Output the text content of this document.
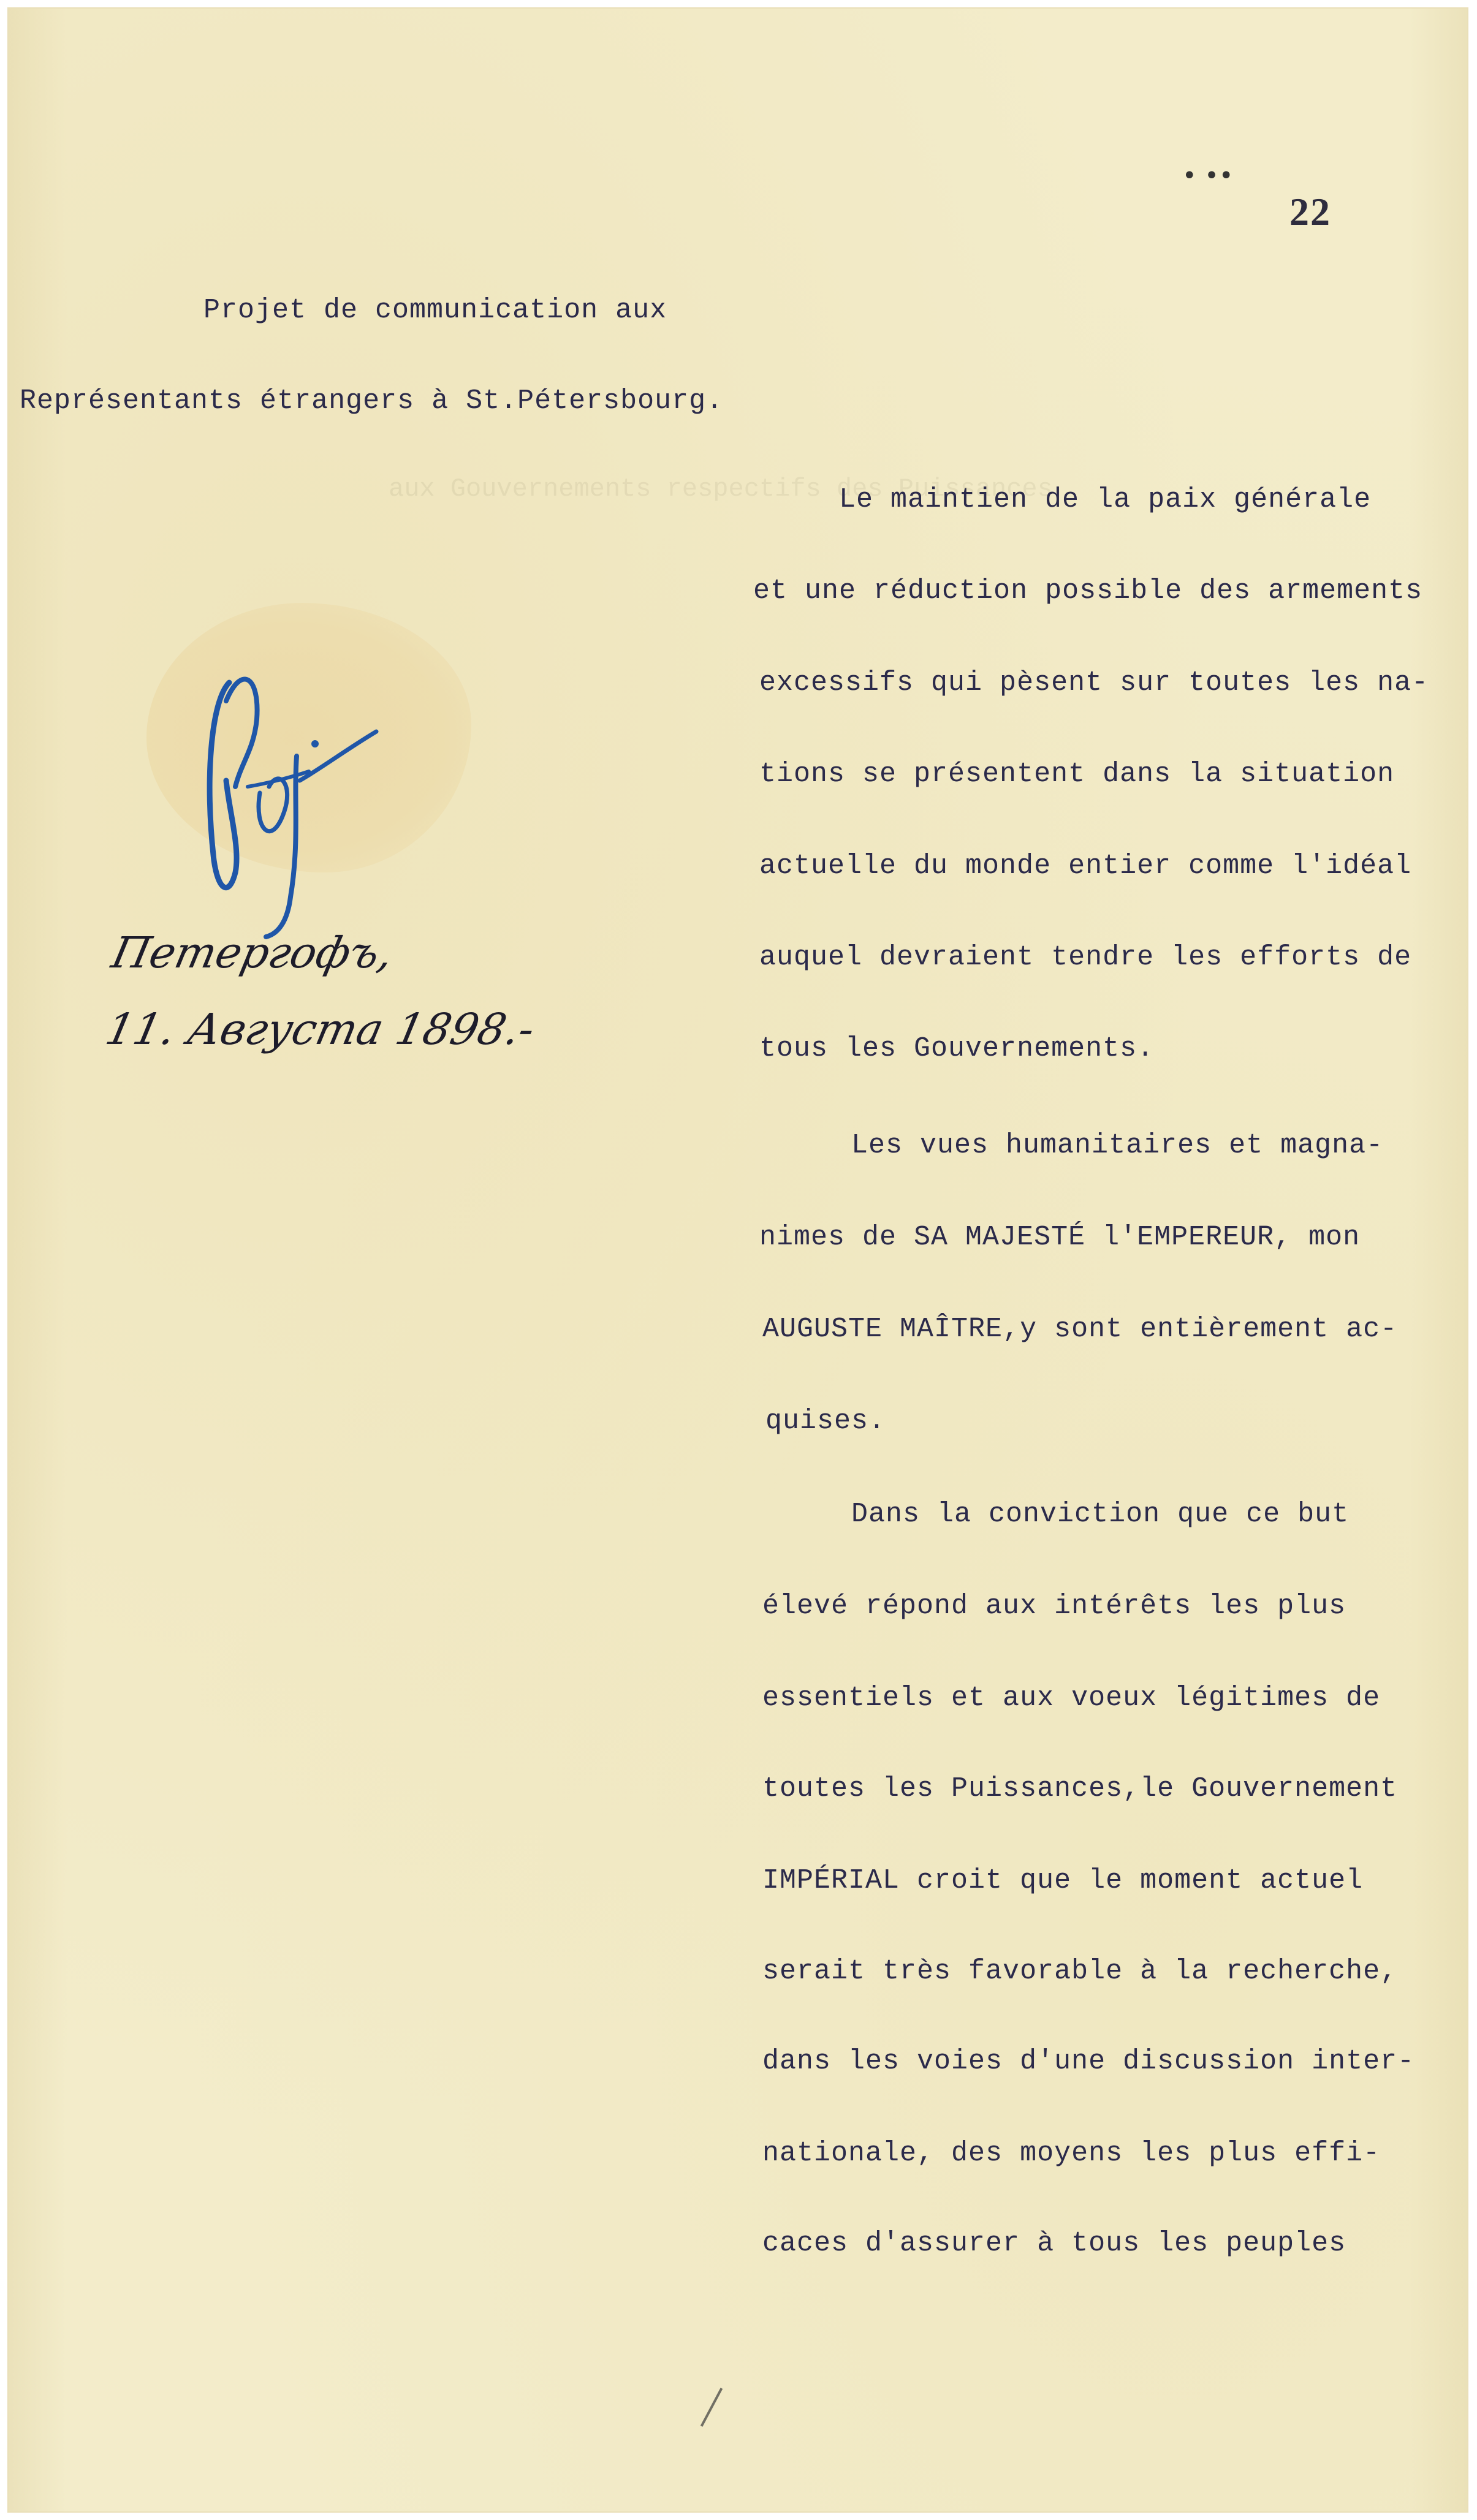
aux Gouvernements respectifs des Puissances
• ••
22

Projet de communication aux

Représentants étrangers à St.Pétersbourg.

Петергофъ,
11. Августа 1898.-

Le maintien de la paix générale

et une réduction possible des armements

excessifs qui pèsent sur toutes les na-

tions se présentent dans la situation

actuelle du monde entier comme l'idéal

auquel devraient tendre les efforts de

tous les Gouvernements.

Les vues humanitaires et magna-

nimes de SA MAJESTÉ l'EMPEREUR, mon

AUGUSTE MAÎTRE,y sont entièrement ac-

quises.

Dans la conviction que ce but

élevé répond aux intérêts les plus

essentiels et aux voeux légitimes de

toutes les Puissances,le Gouvernement

IMPÉRIAL croit que le moment actuel

serait très favorable à la recherche,

dans les voies d'une discussion inter-

nationale, des moyens les plus effi-

caces d'assurer à tous les peuples
